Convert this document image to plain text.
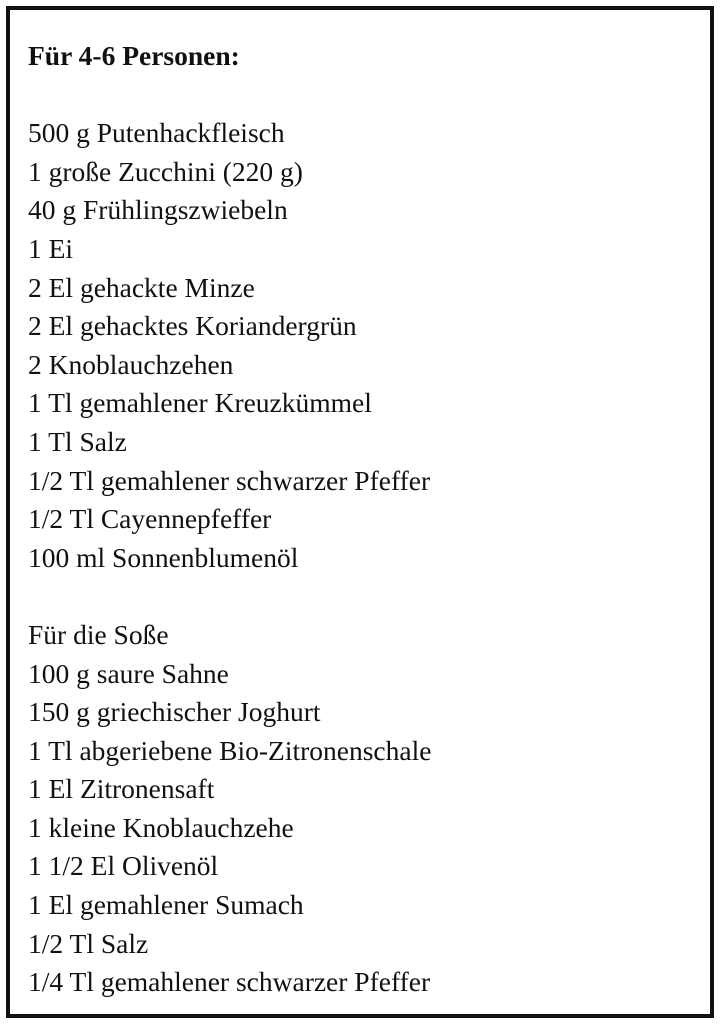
Für 4-6 Personen:
500 g Putenhackfleisch
1 große Zucchini (220 g)
40 g Frühlingszwiebeln
1 Ei
2 El gehackte Minze
2 El gehacktes Koriandergrün
2 Knoblauchzehen
1 Tl gemahlener Kreuzkümmel
1 Tl Salz
1/2 Tl gemahlener schwarzer Pfeffer
1/2 Tl Cayennepfeffer
100 ml Sonnenblumenöl
Für die Soße
100 g saure Sahne
150 g griechischer Joghurt
1 Tl abgeriebene Bio-Zitronenschale
1 El Zitronensaft
1 kleine Knoblauchzehe
1 1/2 El Olivenöl
1 El gemahlener Sumach
1/2 Tl Salz
1/4 Tl gemahlener schwarzer Pfeffer
